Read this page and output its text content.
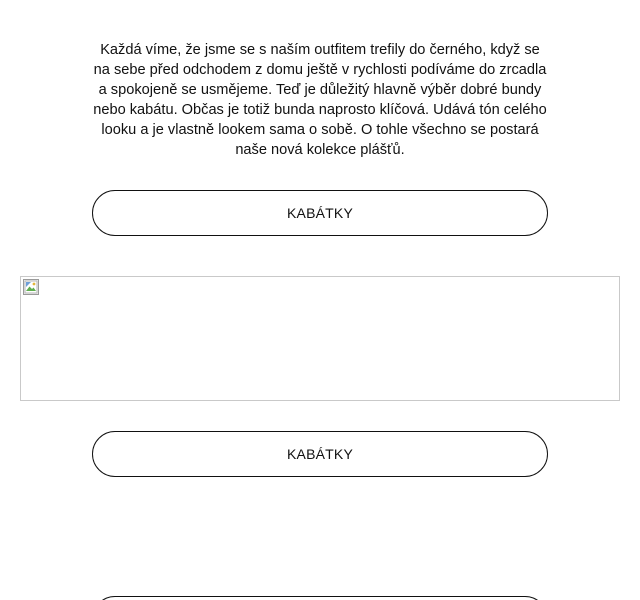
Každá víme, že jsme se s naším outfitem trefily do černého, když se na sebe před odchodem z domu ještě v rychlosti podíváme do zrcadla a spokojeně se usmějeme. Teď je důležitý hlavně výběr dobré bundy nebo kabátu. Občas je totiž bunda naprosto klíčová. Udává tón celého looku a je vlastně lookem sama o sobě. O tohle všechno se postará naše nová kolekce plášťů.

KABÁTKY
KABÁTKY
